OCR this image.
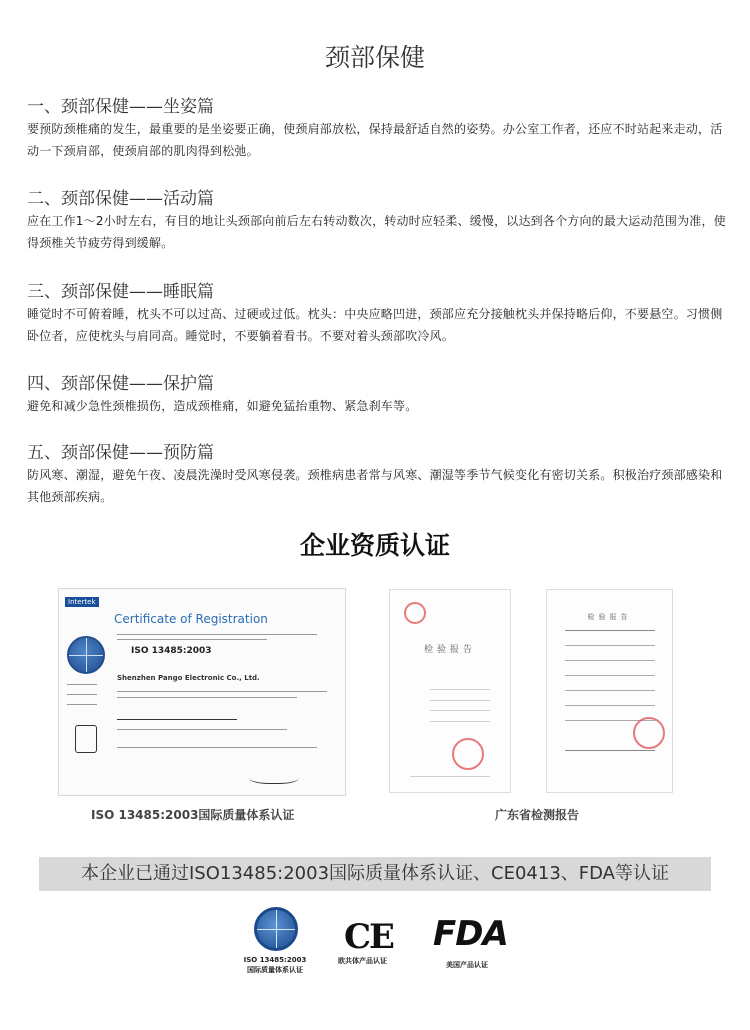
颈部保健
一、颈部保健——坐姿篇

要预防颈椎痛的发生，最重要的是坐姿要正确，使颈肩部放松，保持最舒适自然的姿势。办公室工作者，还应不时站起来走动，活动一下颈肩部，使颈肩部的肌肉得到松弛。

二、颈部保健——活动篇

应在工作1～2小时左右，有目的地让头颈部向前后左右转动数次，转动时应轻柔、缓慢，以达到各个方向的最大运动范围为准，使得颈椎关节疲劳得到缓解。

三、颈部保健——睡眠篇

睡觉时不可俯着睡，枕头不可以过高、过硬或过低。枕头：中央应略凹进，颈部应充分接触枕头并保持略后仰，不要悬空。习惯侧卧位者，应使枕头与肩同高。睡觉时，不要躺着看书。不要对着头颈部吹冷风。

四、颈部保健——保护篇

避免和减少急性颈椎损伤，造成颈椎痛，如避免猛抬重物、紧急刹车等。

五、颈部保健——预防篇

防风寒、潮湿，避免午夜、凌晨洗澡时受风寒侵袭。颈椎病患者常与风寒、潮湿等季节气候变化有密切关系。积极治疗颈部感染和其他颈部疾病。

企业资质认证
Intertek
Certificate of Registration
ISO 13485:2003
Shenzhen Pango Electronic Co., Ltd.
检验报告
检验报告
ISO 13485:2003国际质量体系认证	广东省检测报告
本企业已通过ISO13485:2003国际质量体系认证、CE0413、FDA等认证
ISO 13485:2003
国际质量体系认证
CE
欧共体产品认证
FDA
美国产品认证
